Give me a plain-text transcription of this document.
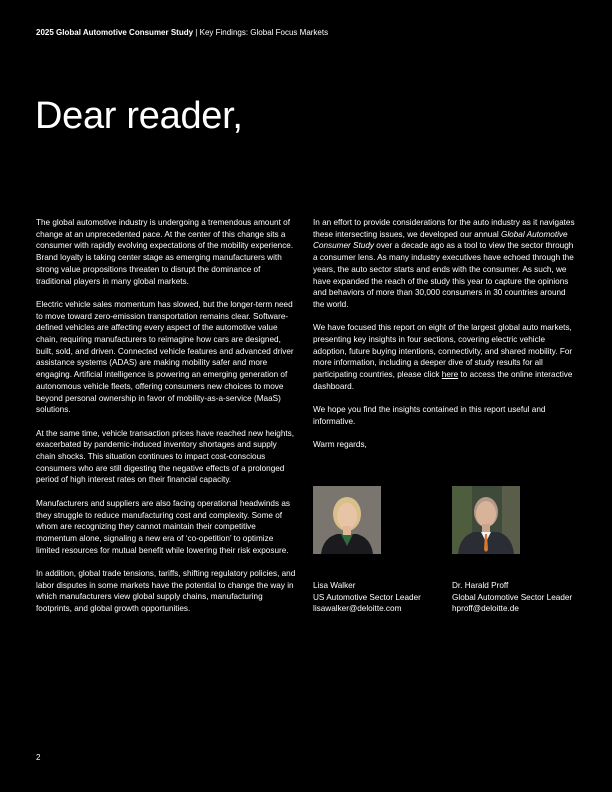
2025 Global Automotive Consumer Study | Key Findings: Global Focus Markets
Dear reader,

The global automotive industry is undergoing a tremendous amount of change at an unprecedented pace. At the center of this change sits a consumer with rapidly evolving expectations of the mobility experience. Brand loyalty is taking center stage as emerging manufacturers with strong value propositions threaten to disrupt the dominance of traditional players in many global markets.

Electric vehicle sales momentum has slowed, but the longer-term need to move toward zero-emission transportation remains clear. Software-defined vehicles are affecting every aspect of the automotive value chain, requiring manufacturers to reimagine how cars are designed, built, sold, and driven. Connected vehicle features and advanced driver assistance systems (ADAS) are making mobility safer and more engaging. Artificial intelligence is powering an emerging generation of autonomous vehicle fleets, offering consumers new choices to move beyond personal ownership in favor of mobility-as-a-service (MaaS) solutions.

At the same time, vehicle transaction prices have reached new heights, exacerbated by pandemic-induced inventory shortages and supply chain shocks. This situation continues to impact cost-conscious consumers who are still digesting the negative effects of a prolonged period of high interest rates on their financial capacity.

Manufacturers and suppliers are also facing operational headwinds as they struggle to reduce manufacturing cost and complexity. Some of whom are recognizing they cannot maintain their competitive momentum alone, signaling a new era of ‘co-opetition’ to optimize limited resources for mutual benefit while lowering their risk exposure.

In addition, global trade tensions, tariffs, shifting regulatory policies, and labor disputes in some markets have the potential to change the way in which manufacturers view global supply chains, manufacturing footprints, and global growth opportunities.

In an effort to provide considerations for the auto industry as it navigates these intersecting issues, we developed our annual Global Automotive Consumer Study over a decade ago as a tool to view the sector through a consumer lens. As many industry executives have echoed through the years, the auto sector starts and ends with the consumer. As such, we have expanded the reach of the study this year to capture the opinions and behaviors of more than 30,000 consumers in 30 countries around the world.

We have focused this report on eight of the largest global auto markets, presenting key insights in four sections, covering electric vehicle adoption, future buying intentions, connectivity, and shared mobility. For more information, including a deeper dive of study results for all participating countries, please click here to access the online interactive dashboard.

We hope you find the insights contained in this report useful and informative.

Warm regards,

Lisa Walker
US Automotive Sector Leader
lisawalker@deloitte.com
Dr. Harald Proff
Global Automotive Sector Leader
hproff@deloitte.de
2
